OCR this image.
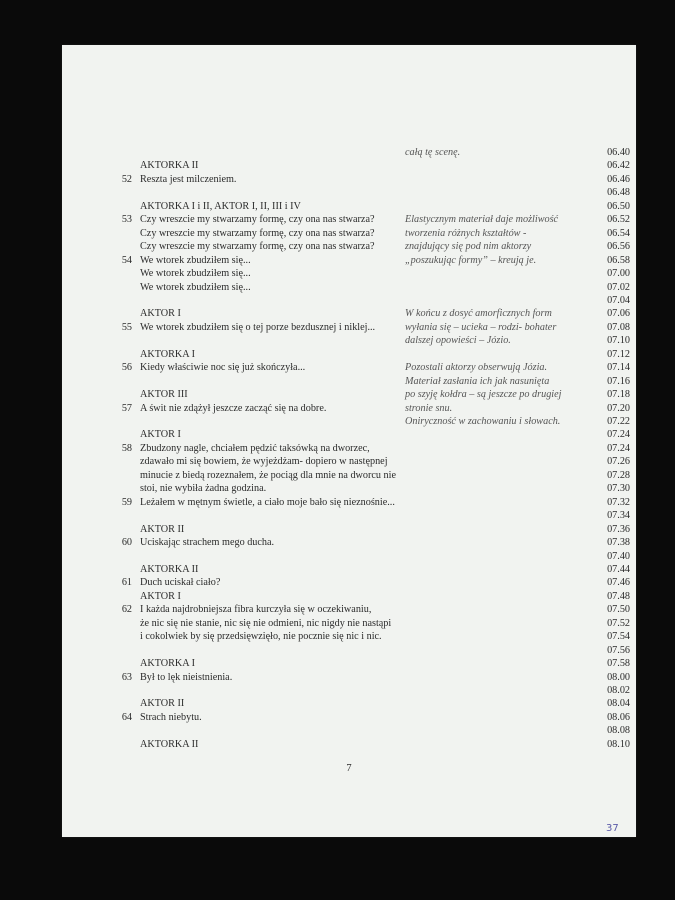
całą tę scenę.	06.40
AKTORKA II	06.42
52 Reszta jest milczeniem.	06.46
06.48
AKTORKA I i II, AKTOR I, II, III i IV	06.50
53 Czy wreszcie my stwarzamy formę, czy ona nas stwarza?	Elastycznym materiał daje możliwość	06.52
Czy wreszcie my stwarzamy formę, czy ona nas stwarza?	tworzenia różnych kształtów -	06.54
Czy wreszcie my stwarzamy formę, czy ona nas stwarza?	znajdujący się pod nim aktorzy	06.56
54 We wtorek zbudziłem się...	„poszukując formy” – kreują je.	06.58
We wtorek zbudziłem się...	07.00
We wtorek zbudziłem się...	07.02
07.04
AKTOR I	W końcu z dosyć amorficznych form	07.06
55 We wtorek zbudziłem się o tej porze bezdusznej i niklej...	wyłania się – ucieka – rodzi- bohater	07.08
dalszej opowieści – Józio.	07.10
AKTORKA I	07.12
56 Kiedy właściwie noc się już skończyła...	Pozostali aktorzy obserwują Józia.	07.14
Materiał zasłania ich jak nasunięta	07.16
AKTOR III	po szyję kołdra – są jeszcze po drugiej	07.18
57 A świt nie zdążył jeszcze zacząć się na dobre.	stronie snu.	07.20
Oniryczność w zachowaniu i słowach.	07.22
AKTOR I	07.24
58 Zbudzony nagle, chciałem pędzić taksówką na dworzec,	07.24
zdawało mi się bowiem, że wyjeżdżam- dopiero w następnej	07.26
minucie z biedą rozeznałem, że pociąg dla mnie na dworcu nie	07.28
stoi, nie wybiła żadna godzina.	07.30
59 Leżałem w mętnym świetle, a ciało moje bało się nieznośnie...	07.32
07.34
AKTOR II	07.36
60 Uciskając strachem mego ducha.	07.38
07.40
AKTORKA II	07.44
61 Duch uciskał ciało?	07.46
AKTOR I	07.48
62 I każda najdrobniejsza fibra kurczyła się w oczekiwaniu,	07.50
że nic się nie stanie, nic się nie odmieni, nic nigdy nie nastąpi	07.52
i cokolwiek by się przedsięwzięło, nie pocznie się nic i nic.	07.54
07.56
AKTORKA I	07.58
63 Był to lęk nieistnienia.	08.00
08.02
AKTOR II	08.04
64 Strach niebytu.	08.06
08.08
AKTORKA II	08.10
7
37
